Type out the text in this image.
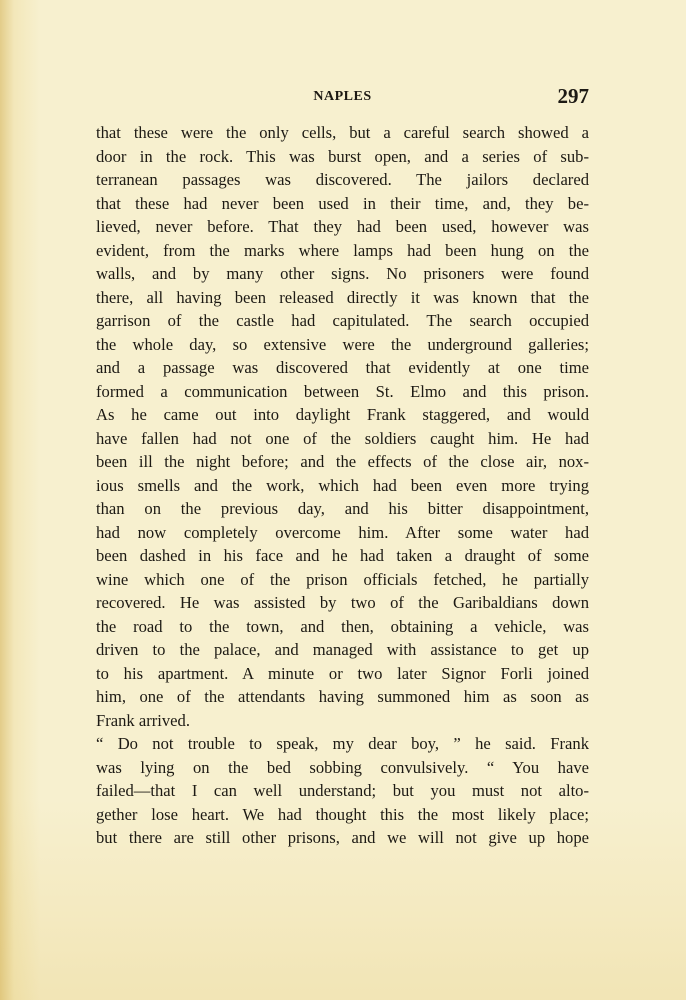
NAPLES	297
that these were the only cells, but a careful search showed a
door in the rock. This was burst open, and a series of sub-
terranean passages was discovered. The jailors declared
that these had never been used in their time, and, they be-
lieved, never before. That they had been used, however was
evident, from the marks where lamps had been hung on the
walls, and by many other signs. No prisoners were found
there, all having been released directly it was known that the
garrison of the castle had capitulated. The search occupied
the whole day, so extensive were the underground galleries;
and a passage was discovered that evidently at one time
formed a communication between St. Elmo and this prison.
As he came out into daylight Frank staggered, and would
have fallen had not one of the soldiers caught him. He had
been ill the night before; and the effects of the close air, nox-
ious smells and the work, which had been even more trying
than on the previous day, and his bitter disappointment,
had now completely overcome him. After some water had
been dashed in his face and he had taken a draught of some
wine which one of the prison officials fetched, he partially
recovered. He was assisted by two of the Garibaldians down
the road to the town, and then, obtaining a vehicle, was
driven to the palace, and managed with assistance to get up
to his apartment. A minute or two later Signor Forli joined
him, one of the attendants having summoned him as soon as
Frank arrived.
“ Do not trouble to speak, my dear boy, ” he said. Frank
was lying on the bed sobbing convulsively. “ You have
failed—that I can well understand; but you must not alto-
gether lose heart. We had thought this the most likely place;
but there are still other prisons, and we will not give up hope
